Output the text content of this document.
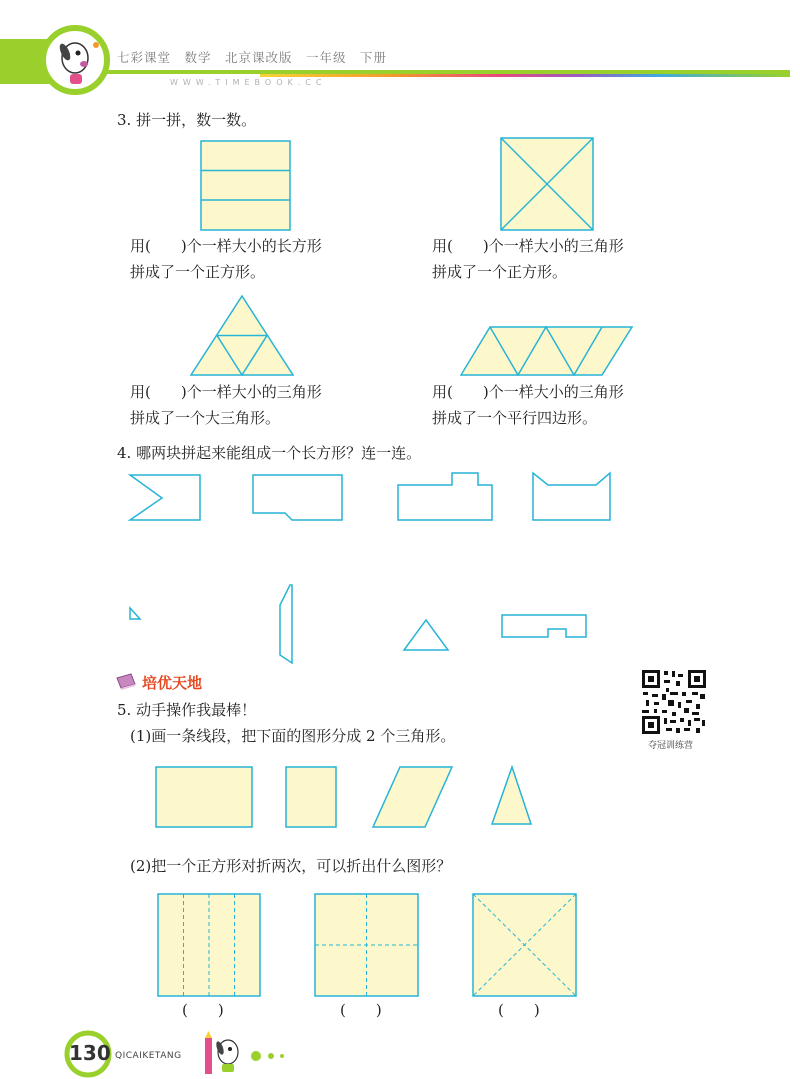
七彩课堂　数学　北京课改版　一年级　下册
WWW.TIMEBOOK.CC
3. 拼一拼，数一数。
用(　　)个一样大小的长方形
拼成了一个正方形。
用(　　)个一样大小的三角形
拼成了一个正方形。
用(　　)个一样大小的三角形
拼成了一个大三角形。
用(　　)个一样大小的三角形
拼成了一个平行四边形。
4. 哪两块拼起来能组成一个长方形？连一连。
培优天地
夺冠训练营
5. 动手操作我最棒！
(1)画一条线段，把下面的图形分成 2 个三角形。
(2)把一个正方形对折两次，可以折出什么图形？
(　　)	(　　)	(　　)
130 QICAIKETANG
